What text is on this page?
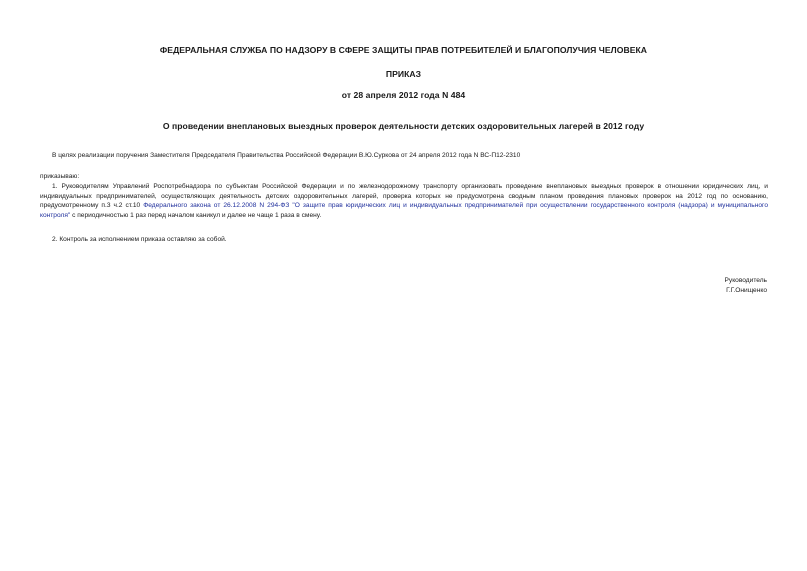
ФЕДЕРАЛЬНАЯ СЛУЖБА ПО НАДЗОРУ В СФЕРЕ ЗАЩИТЫ ПРАВ ПОТРЕБИТЕЛЕЙ И БЛАГОПОЛУЧИЯ ЧЕЛОВЕКА
ПРИКАЗ
от 28 апреля 2012 года N 484
О проведении внеплановых выездных проверок деятельности детских оздоровительных лагерей в 2012 году
В целях реализации поручения Заместителя Председателя Правительства Российской Федерации В.Ю.Суркова от 24 апреля 2012 года N ВС-П12-2310
приказываю:
1. Руководителям Управлений Роспотребнадзора по субъектам Российской Федерации и по железнодорожному транспорту организовать проведение внеплановых выездных проверок в отношении юридических лиц, и индивидуальных предпринимателей, осуществляющих деятельность детских оздоровительных лагерей, проверка которых не предусмотрена сводным планом проведения плановых проверок на 2012 год по основанию, предусмотренному п.3 ч.2 ст.10 Федерального закона от 26.12.2008 N 294-ФЗ "О защите прав юридических лиц и индивидуальных предпринимателей при осуществлении государственного контроля (надзора) и муниципального контроля" с периодичностью 1 раз перед началом каникул и далее не чаще 1 раза в смену.
2. Контроль за исполнением приказа оставляю за собой.
Руководитель
Г.Г.Онищенко
